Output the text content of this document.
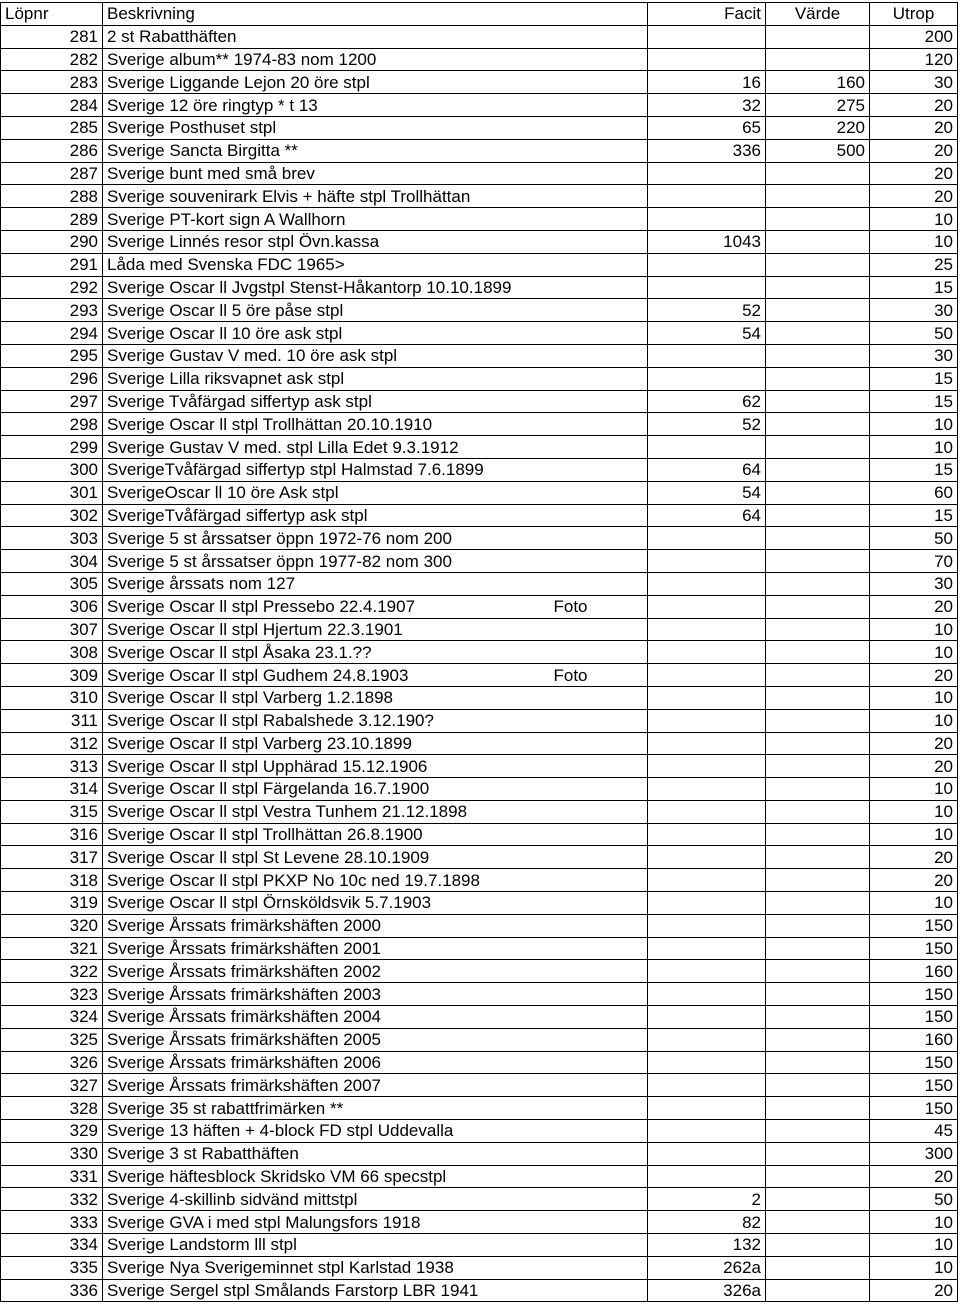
Löpnr	Beskrivning		Facit	Värde	Utrop
281	2 st Rabatthäften				200
282	Sverige album** 1974-83 nom 1200				120
283	Sverige Liggande Lejon 20 öre stpl		16	160	30
284	Sverige 12 öre ringtyp * t 13		32	275	20
285	Sverige Posthuset stpl		65	220	20
286	Sverige Sancta Birgitta **		336	500	20
287	Sverige bunt med små brev				20
288	Sverige souvenirark Elvis + häfte stpl Trollhättan				20
289	Sverige PT-kort sign A Wallhorn				10
290	Sverige Linnés resor stpl Övn.kassa		1043		10
291	Låda med Svenska FDC 1965>				25
292	Sverige Oscar ll Jvgstpl Stenst-Håkantorp 10.10.1899				15
293	Sverige Oscar ll 5 öre påse stpl		52		30
294	Sverige Oscar ll 10 öre ask stpl		54		50
295	Sverige Gustav V med. 10 öre ask stpl				30
296	Sverige Lilla riksvapnet ask stpl				15
297	Sverige Tvåfärgad siffertyp ask stpl		62		15
298	Sverige Oscar ll stpl Trollhättan 20.10.1910		52		10
299	Sverige Gustav V med. stpl Lilla Edet 9.3.1912				10
300	SverigeTvåfärgad siffertyp stpl Halmstad 7.6.1899		64		15
301	SverigeOscar ll 10 öre Ask stpl		54		60
302	SverigeTvåfärgad siffertyp ask stpl		64		15
303	Sverige 5 st årssatser öppn 1972-76 nom 200				50
304	Sverige 5 st årssatser öppn 1977-82 nom 300				70
305	Sverige årssats nom 127				30
306	Sverige Oscar ll stpl Pressebo 22.4.1907	Foto			20
307	Sverige Oscar ll stpl Hjertum 22.3.1901				10
308	Sverige Oscar ll stpl Åsaka 23.1.??				10
309	Sverige Oscar ll stpl Gudhem 24.8.1903	Foto			20
310	Sverige Oscar ll stpl Varberg 1.2.1898				10
311	Sverige Oscar ll stpl Rabalshede 3.12.190?				10
312	Sverige Oscar ll stpl Varberg 23.10.1899				20
313	Sverige Oscar ll stpl Upphärad 15.12.1906				20
314	Sverige Oscar ll stpl Färgelanda 16.7.1900				10
315	Sverige Oscar ll stpl Vestra Tunhem 21.12.1898				10
316	Sverige Oscar ll stpl Trollhättan 26.8.1900				10
317	Sverige Oscar ll stpl St Levene 28.10.1909				20
318	Sverige Oscar ll stpl PKXP No 10c ned 19.7.1898				20
319	Sverige Oscar ll stpl Örnsköldsvik 5.7.1903				10
320	Sverige Årssats frimärkshäften 2000				150
321	Sverige Årssats frimärkshäften 2001				150
322	Sverige Årssats frimärkshäften 2002				160
323	Sverige Årssats frimärkshäften 2003				150
324	Sverige Årssats frimärkshäften 2004				150
325	Sverige Årssats frimärkshäften 2005				160
326	Sverige Årssats frimärkshäften 2006				150
327	Sverige Årssats frimärkshäften 2007				150
328	Sverige 35 st rabattfrimärken **				150
329	Sverige 13 häften + 4-block FD stpl Uddevalla				45
330	Sverige 3 st Rabatthäften				300
331	Sverige häftesblock Skridsko VM 66 specstpl				20
332	Sverige 4-skillinb sidvänd mittstpl		2		50
333	Sverige GVA i med stpl Malungsfors 1918		82		10
334	Sverige Landstorm lll stpl		132		10
335	Sverige Nya Sverigeminnet stpl Karlstad 1938		262a		10
336	Sverige Sergel stpl Smålands Farstorp LBR 1941		326a		20
